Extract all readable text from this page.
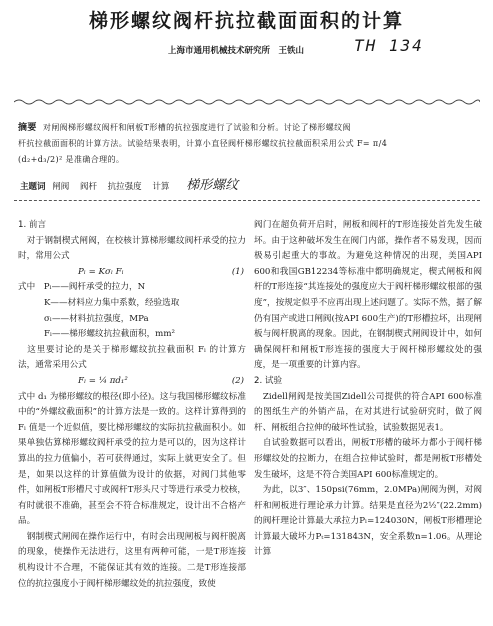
梯形螺纹阀杆抗拉截面面积的计算
上海市通用机械技术研究所　王铁山	TH 134
摘要 对闸阀梯形螺纹阀杆和闸板T形槽的抗拉强度进行了试验和分析。讨论了梯形螺纹阀
杆抗拉截面面积的计算方法。试验结果表明，计算小直径阀杆梯形螺纹抗拉截面积采用公式 F= π/4
(d₂+d₃/2)² 是准确合理的。
主题词 闸阀 阀杆 抗拉强度 计算 梯形螺纹

1. 前言

　对于钢制楔式闸阀，在校核计算梯形螺纹阀杆承受的拉力时，常用公式

Pₗ = Kσₗ Fₗ	(1)

式中　Pₗ——阀杆承受的拉力，N

K——材料应力集中系数，经验选取

σₗ——材料抗拉强度，MPa

Fₗ——梯形螺纹抗拉截面积，mm²

　这里要讨论的是关于梯形螺纹抗拉截面积 Fₗ 的计算方法，通常采用公式

Fₗ = ¼ πd₁²	(2)

式中 d₁ 为梯形螺纹的根径(即小径)。这与我国梯形螺纹标准中的“外螺纹截面积”的计算方法是一致的。这样计算得到的 Fₗ 值是一个近似值，要比梯形螺纹的实际抗拉截面积小。如果单独估算梯形螺纹阀杆承受的拉力是可以的，因为这样计算出的拉力值偏小，若可获得通过，实际上就更安全了。但是，如果以这样的计算值做为设计的依据，对阀门其他零件，如闸板T形槽尺寸或阀杆T形头尺寸等进行承受力校核，有时就很不准确，甚至会不符合标准规定，设计出不合格产品。

　钢制楔式闸阀在操作运行中，有时会出现闸板与阀杆脱离的现象，使操作无法进行，这里有两种可能，一是T形连接机构设计不合理，不能保证其有效的连接。二是T形连接部位的抗拉强度小于阀杆梯形螺纹处的抗拉强度，致使

阀门在超负荷开启时，闸板和阀杆的T形连接处首先发生破坏。由于这种破坏发生在阀门内部，操作者不易发现，因而极易引起重大的事故。为避免这种情况的出现，美国API 600和我国GB12234等标准中都明确规定，楔式闸板和阀杆的T形连接“其连接处的强度应大于阀杆梯形螺纹根部的强度”，按规定似乎不应再出现上述问题了。实际不然，据了解仍有国产或进口闸阀(按API 600生产)的T形槽拉坏，出现闸板与阀杆脱离的现象。因此，在钢制楔式闸阀设计中，如何确保阀杆和闸板T形连接的强度大于阀杆梯形螺纹处的强度，是一项重要的计算内容。

2. 试验

　Zidell闸阀是按美国Zidell公司提供的符合API 600标准的图纸生产的外销产品，在对其进行试验研究时，做了阀杆、闸板组合拉伸的破坏性试验，试验数据见表1。

　自试验数据可以看出，闸板T形槽的破坏力都小于阀杆梯形螺纹处的拉断力，在组合拉伸试验时，都是闸板T形槽处发生破坏，这是不符合美国API 600标准规定的。

　为此，以3″、150psi(76mm，2.0MPa)闸阀为例，对阀杆和闸板进行理论承力计算。结果是直径为2½″(22.2mm)的阀杆理论计算最大承拉力Pₗ=124030N，闸板T形槽理论计算最大破坏力Pₜ=131843N，安全系数n=1.06。从理论计算
